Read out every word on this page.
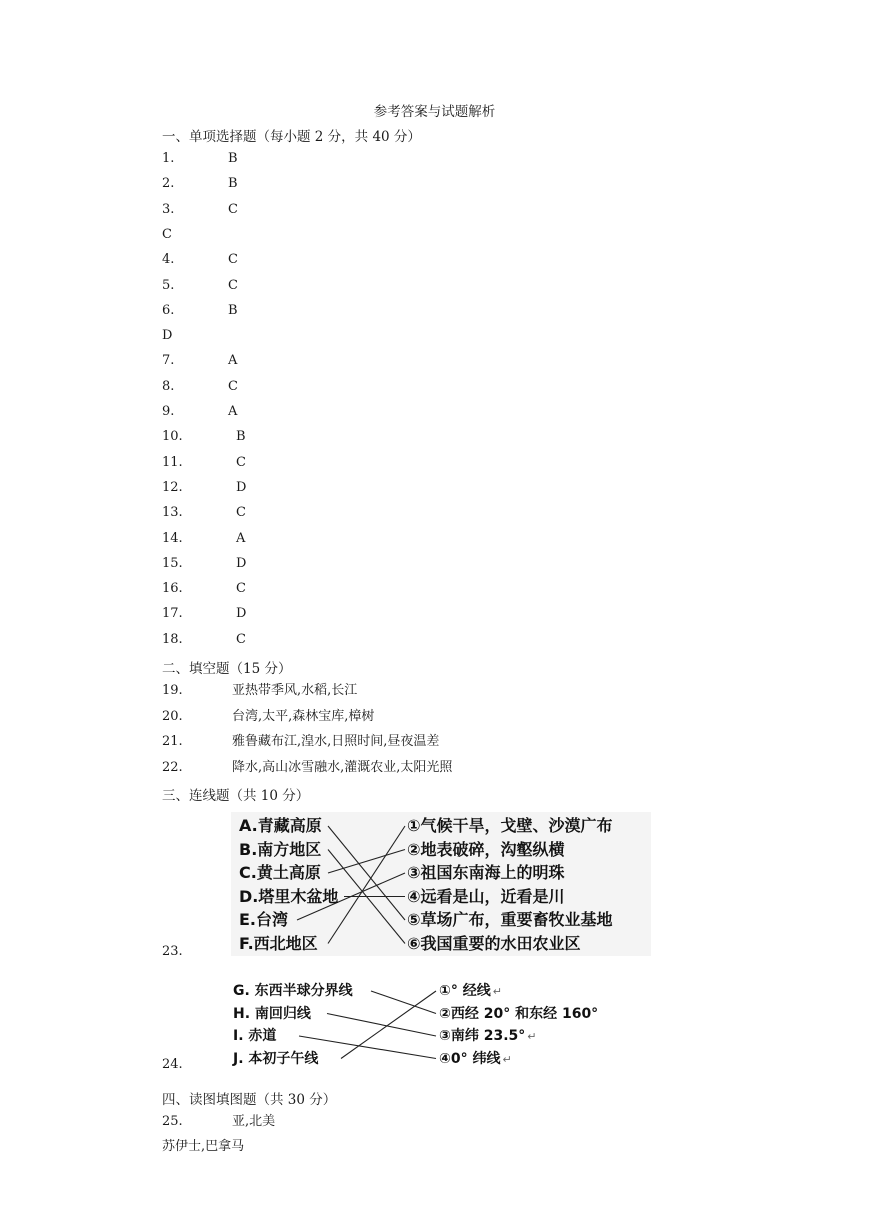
参考答案与试题解析
一、单项选择题（每小题 2 分，共 40 分）
1.	B
2.	B
3.	C
C
4.	C
5.	C
6.	B
D
7.	A
8.	C
9.	A
10.	B
11.	C
12.	D
13.	C
14.	A
15.	D
16.	C
17.	D
18.	C
二、填空题（15 分）
19.	亚热带季风,水稻,长江
20.	台湾,太平,森林宝库,樟树
21.	雅鲁藏布江,湟水,日照时间,昼夜温差
22.	降水,高山冰雪融水,灌溉农业,太阳光照
三、连线题（共 10 分）
23.
A.青藏高原
B.南方地区
C.黄土高原
D.塔里木盆地
E.台湾
F.西北地区
①气候干旱，戈壁、沙漠广布
②地表破碎，沟壑纵横
③祖国东南海上的明珠
④远看是山，近看是川
⑤草场广布，重要畜牧业基地
⑥我国重要的水田农业区
24.
G. 东西半球分界线
H. 南回归线
I. 赤道
J. 本初子午线
①° 经线 ↵
②西经 20° 和东经 160°
③南纬 23.5° ↵
④0° 纬线 ↵
四、读图填图题（共 30 分）
25.	亚,北美
苏伊士,巴拿马
